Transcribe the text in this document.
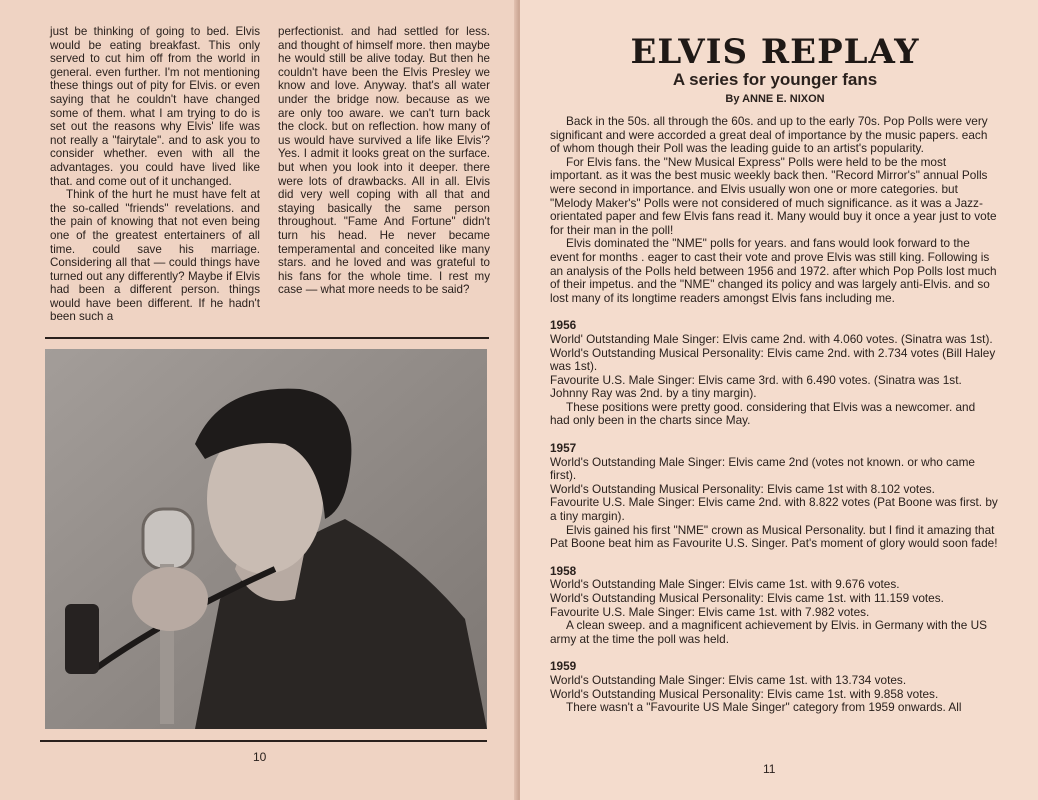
just be thinking of going to bed. Elvis would be eating breakfast. This only served to cut him off from the world in general. even further. I'm not mentioning these things out of pity for Elvis. or even saying that he couldn't have changed some of them. what I am trying to do is set out the reasons why Elvis' life was not really a "fairytale". and to ask you to consider whether. even with all the advantages. you could have lived like that. and come out of it unchanged.

Think of the hurt he must have felt at the so-called "friends" revelations. and the pain of knowing that not even being one of the greatest entertainers of all time. could save his marriage. Considering all that — could things have turned out any differently? Maybe if Elvis had been a different person. things would have been different. If he hadn't been such a

perfectionist. and had settled for less. and thought of himself more. then maybe he would still be alive today. But then he couldn't have been the Elvis Presley we know and love. Anyway. that's all water under the bridge now. because as we are only too aware. we can't turn back the clock. but on reflection. how many of us would have survived a life like Elvis'? Yes. I admit it looks great on the surface. but when you look into it deeper. there were lots of drawbacks. All in all. Elvis did very well coping with all that and staying basically the same person throughout. "Fame And Fortune" didn't turn his head. He never became temperamental and conceited like many stars. and he loved and was grateful to his fans for the whole time. I rest my case — what more needs to be said?

10
ELVIS REPLAY
A series for younger fans
By ANNE E. NIXON

Back in the 50s. all through the 60s. and up to the early 70s. Pop Polls were very significant and were accorded a great deal of importance by the music papers. each of whom though their Poll was the leading guide to an artist's popularity.

For Elvis fans. the "New Musical Express" Polls were held to be the most important. as it was the best music weekly back then. "Record Mirror's" annual Polls were second in importance. and Elvis usually won one or more categories. but "Melody Maker's" Polls were not considered of much significance. as it was a Jazz-orientated paper and few Elvis fans read it. Many would buy it once a year just to vote for their man in the poll!

Elvis dominated the "NME" polls for years. and fans would look forward to the event for months . eager to cast their vote and prove Elvis was still king. Following is an analysis of the Polls held between 1956 and 1972. after which Pop Polls lost much of their impetus. and the "NME" changed its policy and was largely anti-Elvis. and so lost many of its longtime readers amongst Elvis fans including me.

1956

World' Outstanding Male Singer: Elvis came 2nd. with 4.060 votes. (Sinatra was 1st).

World's Outstanding Musical Personality: Elvis came 2nd. with 2.734 votes (Bill Haley was 1st).

Favourite U.S. Male Singer: Elvis came 3rd. with 6.490 votes. (Sinatra was 1st. Johnny Ray was 2nd. by a tiny margin).

These positions were pretty good. considering that Elvis was a newcomer. and had only been in the charts since May.

1957

World's Outstanding Male Singer: Elvis came 2nd (votes not known. or who came first).

World's Outstanding Musical Personality: Elvis came 1st with 8.102 votes.

Favourite U.S. Male Singer: Elvis came 2nd. with 8.822 votes (Pat Boone was first. by a tiny margin).

Elvis gained his first "NME" crown as Musical Personality. but I find it amazing that Pat Boone beat him as Favourite U.S. Singer. Pat's moment of glory would soon fade!

1958

World's Outstanding Male Singer: Elvis came 1st. with 9.676 votes.

World's Outstanding Musical Personality: Elvis came 1st. with 11.159 votes.

Favourite U.S. Male Singer: Elvis came 1st. with 7.982 votes.

A clean sweep. and a magnificent achievement by Elvis. in Germany with the US army at the time the poll was held.

1959

World's Outstanding Male Singer: Elvis came 1st. with 13.734 votes.

World's Outstanding Musical Personality: Elvis came 1st. with 9.858 votes.

There wasn't a "Favourite US Male Singer" category from 1959 onwards. All

11
